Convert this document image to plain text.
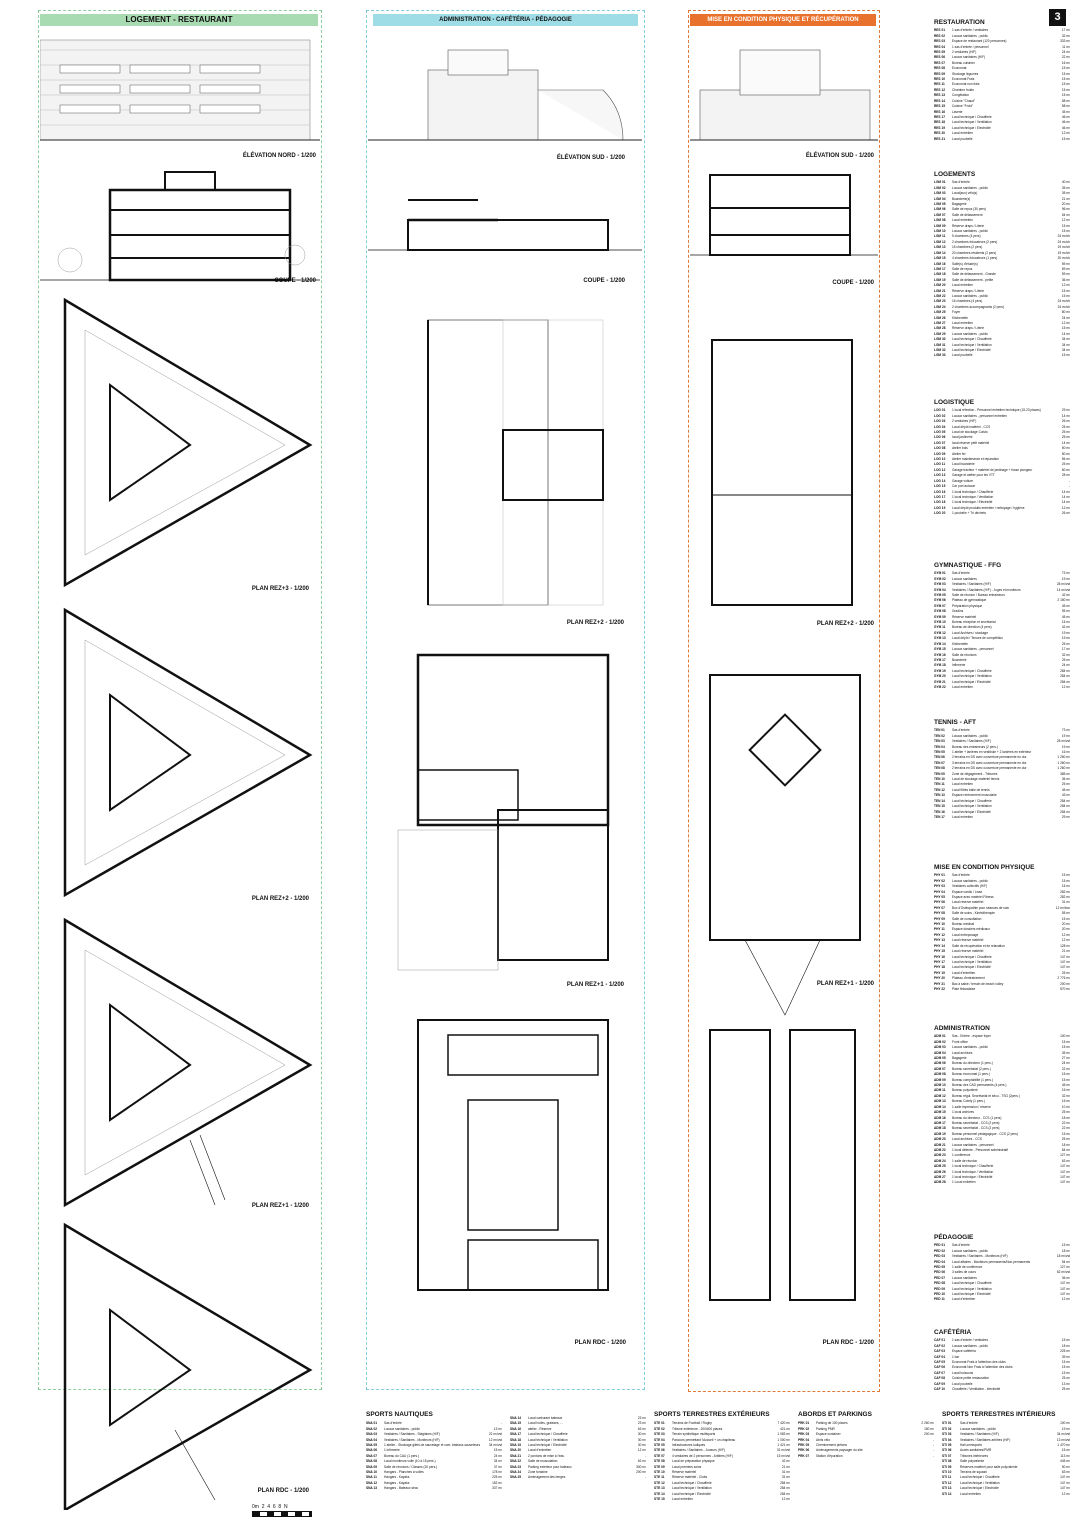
3
LOGEMENT - RESTAURANT	ADMINISTRATION - CAFÉTÉRIA - PÉDAGOGIE	MISE EN CONDITION PHYSIQUE ET RÉCUPÉRATION
ÉLÉVATION NORD - 1/200
COUPE - 1/200
PLAN REZ+3 - 1/200
PLAN REZ+2 - 1/200
PLAN REZ+1 - 1/200
PLAN RDC - 1/200
0m 2 4 6 8 N
ÉLÉVATION SUD - 1/200
COUPE - 1/200
PLAN REZ+2 - 1/200
PLAN REZ+1 - 1/200
PLAN RDC - 1/200
ÉLÉVATION SUD - 1/200
COUPE - 1/200
PLAN REZ+2 - 1/200
PLAN REZ+1 - 1/200
PLAN RDC - 1/200
RESTAURATION
RES 01	1 sas d'entrée / vestiaires	17 m²
RES 02	Locaux sanitaires - public	32 m²
RES 03	Espace de restaurant (120 personnes)	333 m²
RES 04	1 sas d'entrée / personnel	11 m²
RES 05	2 vestiaires (H/F)	24 m²
RES 06	Locaux sanitaires (H/F)	22 m²
RES 07	Bureau cuisinier	16 m²
RES 08	Economat	15 m²
RES 09	Stockage légumes	15 m²
RES 10	Economat Frais	15 m²
RES 11	Economat non frais	15 m²
RES 12	Chambre froide	15 m²
RES 13	Congélation	15 m²
RES 14	Cuisine "Chaud"	58 m²
RES 15	Cuisine "Froid"	58 m²
RES 16	Laverie	45 m²
RES 17	Local technique / Chaufferie	46 m²
RES 18	Local technique / Ventilation	46 m²
RES 19	Local technique / Electricité	46 m²
RES 20	Local entretien	12 m²
RES 21	Local poubelle	15 m²
LOGEMENTS
LGM 01	Sas d'entrée	40 m²
LGM 02	Locaux sanitaires - public	35 m²
LGM 03	Local(aux) vélo(s)	35 m²
LGM 04	Buanderie(s)	21 m²
LGM 05	Bagagerie	20 m²
LGM 06	Salle de repos (30 pers)	96 m²
LGM 07	Salle de délassement	54 m²
LGM 08	Local entretien	12 m²
LGM 09	Réserve draps / Literie	15 m²
LGM 10	Locaux sanitaires - public	15 m²
LGM 11	5 chambres (4 pers)	24 m²/ch
LGM 12	2 chambres éducateurs (2 pers)	24 m²/ch
LGM 13	15 chambres (2 pers)	19 m²/ch
LGM 14	20 chambres résidents (2 pers)	19 m²/ch
LGM 15	4 chambres éducateurs (1 pers)	20 m²/ch
LGM 16	Salle(s) d'étude(s)	59 m²
LGM 17	Salle de repos	59 m²
LGM 18	Salle de délassement - Grande	59 m²
LGM 19	Salle de délassement - petite	36 m²
LGM 20	Local entretien	12 m²
LGM 21	Réserve draps / Literie	15 m²
LGM 22	Locaux sanitaires - public	15 m²
LGM 23	16 chambres (4 pers)	24 m²/ch
LGM 24	2 chambres accompagnants (2 pers)	24 m²/ch
LGM 25	Foyer	80 m²
LGM 26	Kitchenette	24 m²
LGM 27	Local entretien	12 m²
LGM 28	Réserve draps / Literie	15 m²
LGM 29	Locaux sanitaires - public	14 m²
LGM 30	Local technique / Chaufferie	34 m²
LGM 31	Local technique / Ventilation	34 m²
LGM 32	Local technique / Electricité	34 m²
LGM 33	Local poubelle	15 m²
LOGISTIQUE
LOG 01	1 local réfection - Personnel entretien technique (15-23 places)	29 m²
LOG 02	Locaux sanitaires - personnel entretien	14 m²
LOG 03	2 vestiaires (H/F)	26 m²
LOG 04	Local dépôt matériel - CCS	25 m²
LOG 05	Local de stockage Cuisto	25 m²
LOG 06	local jardinerie	25 m²
LOG 07	local réserve petit matériel	14 m²
LOG 08	Atelier bois	50 m²
LOG 09	Atelier fer	50 m²
LOG 10	Atelier maintenance et réparation	56 m²
LOG 11	Local buanderie	25 m²
LOG 12	Garage tracteur + matériel de jardinage + fosse plongeur	60 m²
LOG 13	Garage et atelier pour les VTT	28 m²
LOG 14	Garage voiture	-
LOG 15	Car port autocar	-
LOG 16	1 local technique / Chaufferie	14 m²
LOG 17	1 local technique / Ventilation	14 m²
LOG 18	1 local technique / Electricité	14 m²
LOG 19	Local dépôt produits entretien / nettoyage / hygiène	12 m²
LOG 20	1 poubelle + Tri déchets	26 m²
GYMNASTIQUE - FFG
GYM 01	Sas d'entrée	73 m²
GYM 02	Locaux sanitaires	19 m²
GYM 03	Vestiaires / Sanitaires (H/F)	28 m²/vst
GYM 04	Vestiaires / Sanitaires (H/F) - Juges et moniteurs	14 m²/vst
GYM 05	Salle de réunion / Bureau entraineurs	42 m²
GYM 06	Plateau de gymnastique	2 150 m²
GYM 07	Préparation physique	45 m²
GYM 08	Gradins	95 m²
GYM 09	Réserve matériel	45 m²
GYM 10	Bureau réception et secrétariat	15 m²
GYM 11	Bureau de direction (4 pers)	42 m²
GYM 12	Local Archives / stockage	19 m²
GYM 13	Local dépôt / Tenues de compétition	19 m²
GYM 14	Kitchenette	25 m²
GYM 15	Locaux sanitaires - personnel	17 m²
GYM 16	Salle de réunions	32 m²
GYM 17	Buanderie	25 m²
GYM 18	Infirmerie	24 m²
GYM 19	Local technique / Chaufferie	284 m²
GYM 20	Local technique / Ventilation	284 m²
GYM 21	Local technique / Electricité	284 m²
GYM 22	Local entretien	12 m²
TENNIS - AFT
TEN 01	Sas d'entrée	73 m²
TEN 02	Locaux sanitaires - public	19 m²
TEN 03	Vestiaires / Sanitaires (H/F)	28 m²/vst
TEN 04	Bureau des entraineurs (2 pers.)	19 m²
TEN 05	1 atelier + lanières en vestibule + 2 lanières en extérieur	16 m²
TEN 06	2 terrains en DS avec couverture permanente en dur	1 260 m²
TEN 07	3 terrains en DS avec couverture permanente en dur	1 260 m²
TEN 08	2 terrains en DS avec couverture permanente en dur	1 260 m²
TEN 09	Zone de dégagement - Tribunes	385 m²
TEN 10	Local de stockage matériel tennis	36 m²
TEN 11	Local entretien	25 m²
TEN 12	Local filtrés balle de tennis	45 m²
TEN 13	Espace rentrcement musculaire	43 m²
TEN 14	Local technique / Chaufferie	284 m²
TEN 15	Local technique / Ventilation	284 m²
TEN 16	Local technique / Electricité	284 m²
TEN 17	Local entretien	29 m²
MISE EN CONDITION PHYSIQUE
PHY 01	Sas d'entrée	15 m²
PHY 02	Locaux sanitaires - public	15 m²
PHY 03	Vestiaires collectifs (H/F)	15 m²
PHY 04	Espace cardio / Lisse	282 m²
PHY 05	Espace avec matériel Fitness	282 m²
PHY 06	Local réserve matériel	31 m²
PHY 07	Box d'Ostéopathie pour séances de soin	12 m²/box
PHY 08	Salle de soins - Kinésithérapie	55 m²
PHY 09	Salle de consultation	15 m²
PHY 10	Bureau médical	20 m²
PHY 11	Espace dossiers médicaux	20 m²
PHY 12	Local entreposage	12 m²
PHY 13	Local réserve matériel	12 m²
PHY 14	Salle de récupération et de relaxation	128 m²
PHY 15	Local réserve matériel	21 m²
PHY 16	Local technique / Chaufferie	147 m²
PHY 17	Local technique / Ventilation	147 m²
PHY 18	Local technique / Electricité	147 m²
PHY 19	Local d'entretien	25 m²
PHY 20	Plateau d'entrainement	2 776 m²
PHY 21	Bac à sable / terrain de beach volley	200 m²
PHY 22	Piste finlandaise	570 m²
ADMINISTRATION
ADM 01	Sas - Entrée - espace foyer	100 m²
ADM 02	Front office	15 m²
ADM 03	Locaux sanitaires - public	15 m²
ADM 04	Local archives	35 m²
ADM 05	Bagagerie	27 m²
ADM 06	Bureau du directeur (1 pers.)	24 m²
ADM 07	Bureau secrétariat (2 pers.)	22 m²
ADM 08	Bureau économat (1 pers.)	15 m²
ADM 09	Bureau comptabilité (1 pers.)	15 m²
ADM 10	Bureau des CAD permanents (4 pers.)	45 m²
ADM 11	Bureau polyvalent	15 m²
ADM 12	Bureau régul. Secrétariat et sécu - TSG (2pers.)	32 m²
ADM 13	Bureau Cotely (1 pers.)	15 m²
ADM 14	1 salle impression / réserve	10 m²
ADM 15	1 local archives	25 m²
ADM 16	Bureau du directeur - CCS (1 pers)	18 m²
ADM 17	Bureau secrétariat - CCS (2 pers)	22 m²
ADM 18	Bureau secrétariat - CCS (2 pers)	22 m²
ADM 19	Bureau personnel pédagogique - CCS (2 pers)	15 m²
ADM 20	Local archives - CCS	25 m²
ADM 21	Locaux sanitaires - personnel	18 m²
ADM 22	1 local détente - Personnel administratif	64 m²
ADM 23	1 conférence	127 m²
ADM 24	1 salle de réunion	63 m²
ADM 25	1 local technique / Chaufferie	147 m²
ADM 26	1 local technique / Ventilation	147 m²
ADM 27	1 local technique / Electricité	147 m²
ADM 28	1 Local entretien	147 m²
PÉDAGOGIE
PED 01	Sas d'entrée	15 m²
PED 02	Locaux sanitaires - public	18 m²
PED 03	Vestiaires / Sanitaires - Moniteurs (H/F)	18 m²/vst
PED 04	Local affaires - Moniteurs permanents/Non-permanents	54 m²
PED 05	1 salle de conférence	127 m²
PED 06	3 salles de cours	62 m²/vst
PED 07	Locaux sanitaires	36 m²
PED 08	Local technique / Chaufferie	147 m²
PED 09	Local technique / Ventilation	147 m²
PED 10	Local technique / Electricité	147 m²
PED 11	Local d'entretien	12 m²
CAFÉTÉRIA
CAF 01	1 sas d'entrée / vestiaires	15 m²
CAF 02	Locaux sanitaires - public	18 m²
CAF 03	Espace cafétéria	225 m²
CAF 04	1 bar	39 m²
CAF 05	Economat Frais à l'attention des clubs	15 m²
CAF 06	Economat Non Frais à l'attention des clubs	15 m²
CAF 07	Local boissons	15 m²
CAF 08	Cuisine petite restauration	25 m²
CAF 09	Local poubelle	13 m²
CAF 10	Chaufferie / Ventilation - électricité	25 m²
SPORTS NAUTIQUES
SNA 01	Sas d'entrée	-
SNA 02	Locaux sanitaires - public	13 m²
SNA 03	Vestiaires / Sanitaires - Stagiaires (H/F)	22 m²/vst
SNA 04	Vestiaires / Sanitaires - Moniteurs (H/F)	12 m²/vst
SNA 05	1 atelier - Stockage gilets de sauvetage et com. bateaux-sauveteurs	34 m²/vst
SNA 06	1 infirmerie	15 m²
SNA 07	Bureau du CAU (1 pers.)	24 m²
SNA 08	Local moniteurs voile (10 à 15 pers.)	34 m²
SNA 09	Salle de réunions / Classes (20 pers.)	37 m²
SNA 10	Hangars - Planches à voiles	178 m²
SNA 11	Hangars - Kayaks	225 m²
SNA 12	Hangars - Kayaks	152 m²
SNA 13	Hangars - Bateaux sécu	337 m²
SNA 14	Local carburant bateaux	23 m²
SNA 15	Local huiles, graisses, ...	23 m²
SNA 16	atelier - Réserve	63 m²
SNA 17	Local technique / Chaufferie	30 m²
SNA 18	Local technique / Ventilation	30 m²
SNA 19	Local technique / Electricité	30 m²
SNA 20	Local d'entretien	12 m²
SNA 21	2 pontons de mise à l'eau	-
SNA 22	Salle de musculation	62 m²
SNA 23	Parking extérieur pour bateaux	300 m²
SNA 24	Zone fontaine	200 m²
SNA 25	Aménagement des berges	-
SPORTS TERRESTRES EXTÉRIEURS
STE 01	Terrains de Football / Rugby	7 420 m²
STE 02	Tribune extérieure - 200/400 places	421 m²
STE 03	Terrain synthétique multisports	1 083 m²
STE 04	Parcours permettant l'Accueil + un chapiteau	1 000 m²
STE 05	Infrastructures ludiques	1 421 m²
STE 06	Vestiaires / Sanitaires - Joueurs (H/F)	31 m²/vst
STE 07	4 vestiaires de 2 personnes - Arbitres (H/F)	15 m²/vst
STE 08	Local de préparation physique	42 m²
STE 09	Local premiers soins	21 m²
STE 10	Réserve matériel	31 m²
STE 11	Réserve matériel - Clubs	31 m²
STE 12	Local technique / Chaufferie	284 m²
STE 13	Local technique / Ventilation	284 m²
STE 14	Local technique / Electricité	284 m²
STE 15	Local entretien	12 m²
ABORDS ET PARKINGS
PRK 01	Parking de 100 places	2 260 m²
PRK 02	Parking PMR	150 m²
PRK 03	Espace container	200 m²
PRK 04	Abris vélo	-
PRK 05	Cheminement piétons	-
PRK 06	Aménagements paysager du site	-
PRK 07	Station d'épuration	-
SPORTS TERRESTRES INTÉRIEURS
STI 01	Sas d'entrée	100 m²
STI 02	Locaux sanitaires - public	19 m²
STI 03	Vestiaires / Sanitaires (H/F)	34 m²/vst
STI 04	Vestiaires / Sanitaires arbitres (H/F)	13 m²/vst
STI 05	Hall omnisports	1 470 m²
STI 06	Accès sanitaires/PMR	15 m²
STI 07	Tribunes intérieures	113 m²
STI 08	Salle polyvalente	445 m²
STI 09	Réserves matériel pour salle polyvalente	50 m²
STI 10	Terrains de squash	63 m²
STI 11	Local technique / Chaufferie	147 m²
STI 12	Local technique / Ventilation	147 m²
STI 13	Local technique / Electricité	147 m²
STI 14	Local entretien	12 m²
